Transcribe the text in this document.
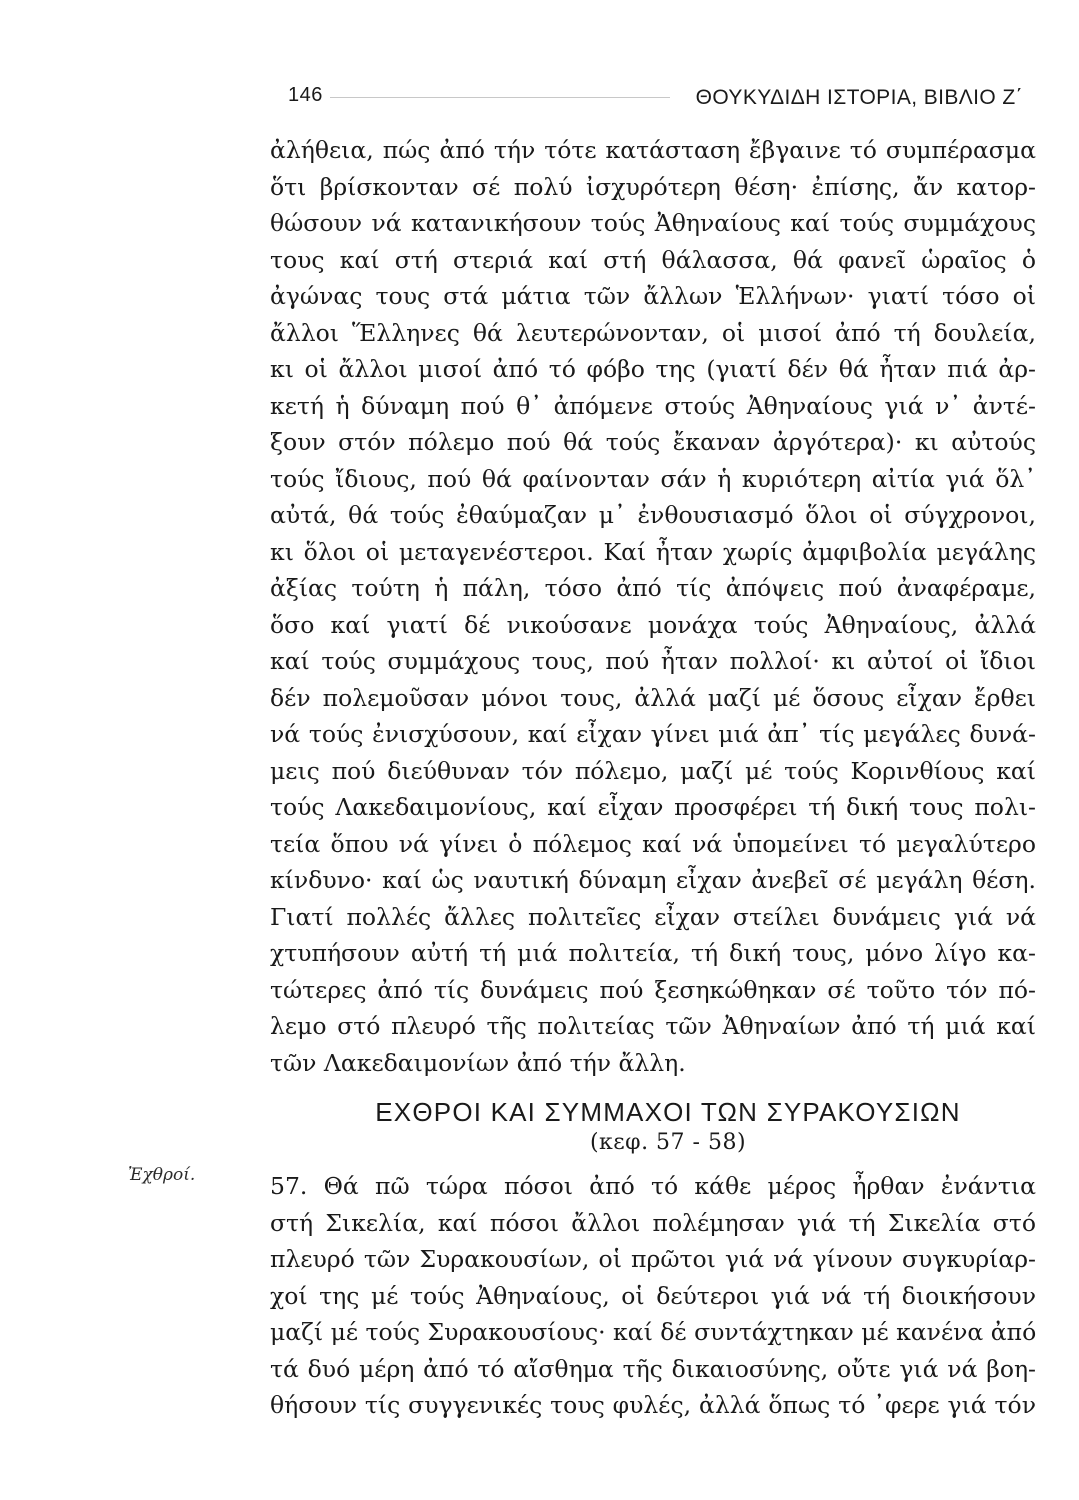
146	ΘΟΥΚΥΔΙΔΗ ΙΣΤΟΡΙΑ, ΒΙΒΛΙΟ Ζ΄
ἀλήθεια, πώς ἀπό τήν τότε κατάσταση ἔβγαινε τό συμπέρασμα
ὅτι βρίσκονταν σέ πολύ ἰσχυρότερη θέση· ἐπίσης, ἄν κατορ-
θώσουν νά κατανικήσουν τούς Ἀθηναίους καί τούς συμμάχους
τους καί στή στεριά καί στή θάλασσα, θά φανεῖ ὡραῖος ὁ
ἀγώνας τους στά μάτια τῶν ἄλλων Ἑλλήνων· γιατί τόσο οἱ
ἄλλοι Ἕλληνες θά λευτερώνονταν, οἱ μισοί ἀπό τή δουλεία,
κι οἱ ἄλλοι μισοί ἀπό τό φόβο της (γιατί δέν θά ἦταν πιά ἀρ-
κετή ἡ δύναμη πού θ᾽ ἀπόμενε στούς Ἀθηναίους γιά ν᾽ ἀντέ-
ξουν στόν πόλεμο πού θά τούς ἔκαναν ἀργότερα)· κι αὐτούς
τούς ἴδιους, πού θά φαίνονταν σάν ἡ κυριότερη αἰτία γιά ὅλ᾽
αὐτά, θά τούς ἐθαύμαζαν μ᾽ ἐνθουσιασμό ὅλοι οἱ σύγχρονοι,
κι ὅλοι οἱ μεταγενέστεροι. Καί ἦταν χωρίς ἀμφιβολία μεγάλης
ἀξίας τούτη ἡ πάλη, τόσο ἀπό τίς ἀπόψεις πού ἀναφέραμε,
ὅσο καί γιατί δέ νικούσανε μονάχα τούς Ἀθηναίους, ἀλλά
καί τούς συμμάχους τους, πού ἦταν πολλοί· κι αὐτοί οἱ ἴδιοι
δέν πολεμοῦσαν μόνοι τους, ἀλλά μαζί μέ ὅσους εἶχαν ἔρθει
νά τούς ἐνισχύσουν, καί εἶχαν γίνει μιά ἀπ᾽ τίς μεγάλες δυνά-
μεις πού διεύθυναν τόν πόλεμο, μαζί μέ τούς Κορινθίους καί
τούς Λακεδαιμονίους, καί εἶχαν προσφέρει τή δική τους πολι-
τεία ὅπου νά γίνει ὁ πόλεμος καί νά ὑπομείνει τό μεγαλύτερο
κίνδυνο· καί ὡς ναυτική δύναμη εἶχαν ἀνεβεῖ σέ μεγάλη θέση.
Γιατί πολλές ἄλλες πολιτεῖες εἶχαν στείλει δυνάμεις γιά νά
χτυπήσουν αὐτή τή μιά πολιτεία, τή δική τους, μόνο λίγο κα-
τώτερες ἀπό τίς δυνάμεις πού ξεσηκώθηκαν σέ τοῦτο τόν πό-
λεμο στό πλευρό τῆς πολιτείας τῶν Ἀθηναίων ἀπό τή μιά καί
τῶν Λακεδαιμονίων ἀπό τήν ἄλλη.
ΕΧΘΡΟΙ ΚΑΙ ΣΥΜΜΑΧΟΙ ΤΩΝ ΣΥΡΑΚΟΥΣΙΩΝ
(κεφ. 57 - 58)
Ἐχθροί.	57. Θά πῶ τώρα πόσοι ἀπό τό κάθε μέρος ἦρθαν ἐνάντια
στή Σικελία, καί πόσοι ἄλλοι πολέμησαν γιά τή Σικελία στό
πλευρό τῶν Συρακουσίων, οἱ πρῶτοι γιά νά γίνουν συγκυρίαρ-
χοί της μέ τούς Ἀθηναίους, οἱ δεύτεροι γιά νά τή διοικήσουν
μαζί μέ τούς Συρακουσίους· καί δέ συντάχτηκαν μέ κανένα ἀπό
τά δυό μέρη ἀπό τό αἴσθημα τῆς δικαιοσύνης, οὔτε γιά νά βοη-
θήσουν τίς συγγενικές τους φυλές, ἀλλά ὅπως τό ᾽φερε γιά τόν
